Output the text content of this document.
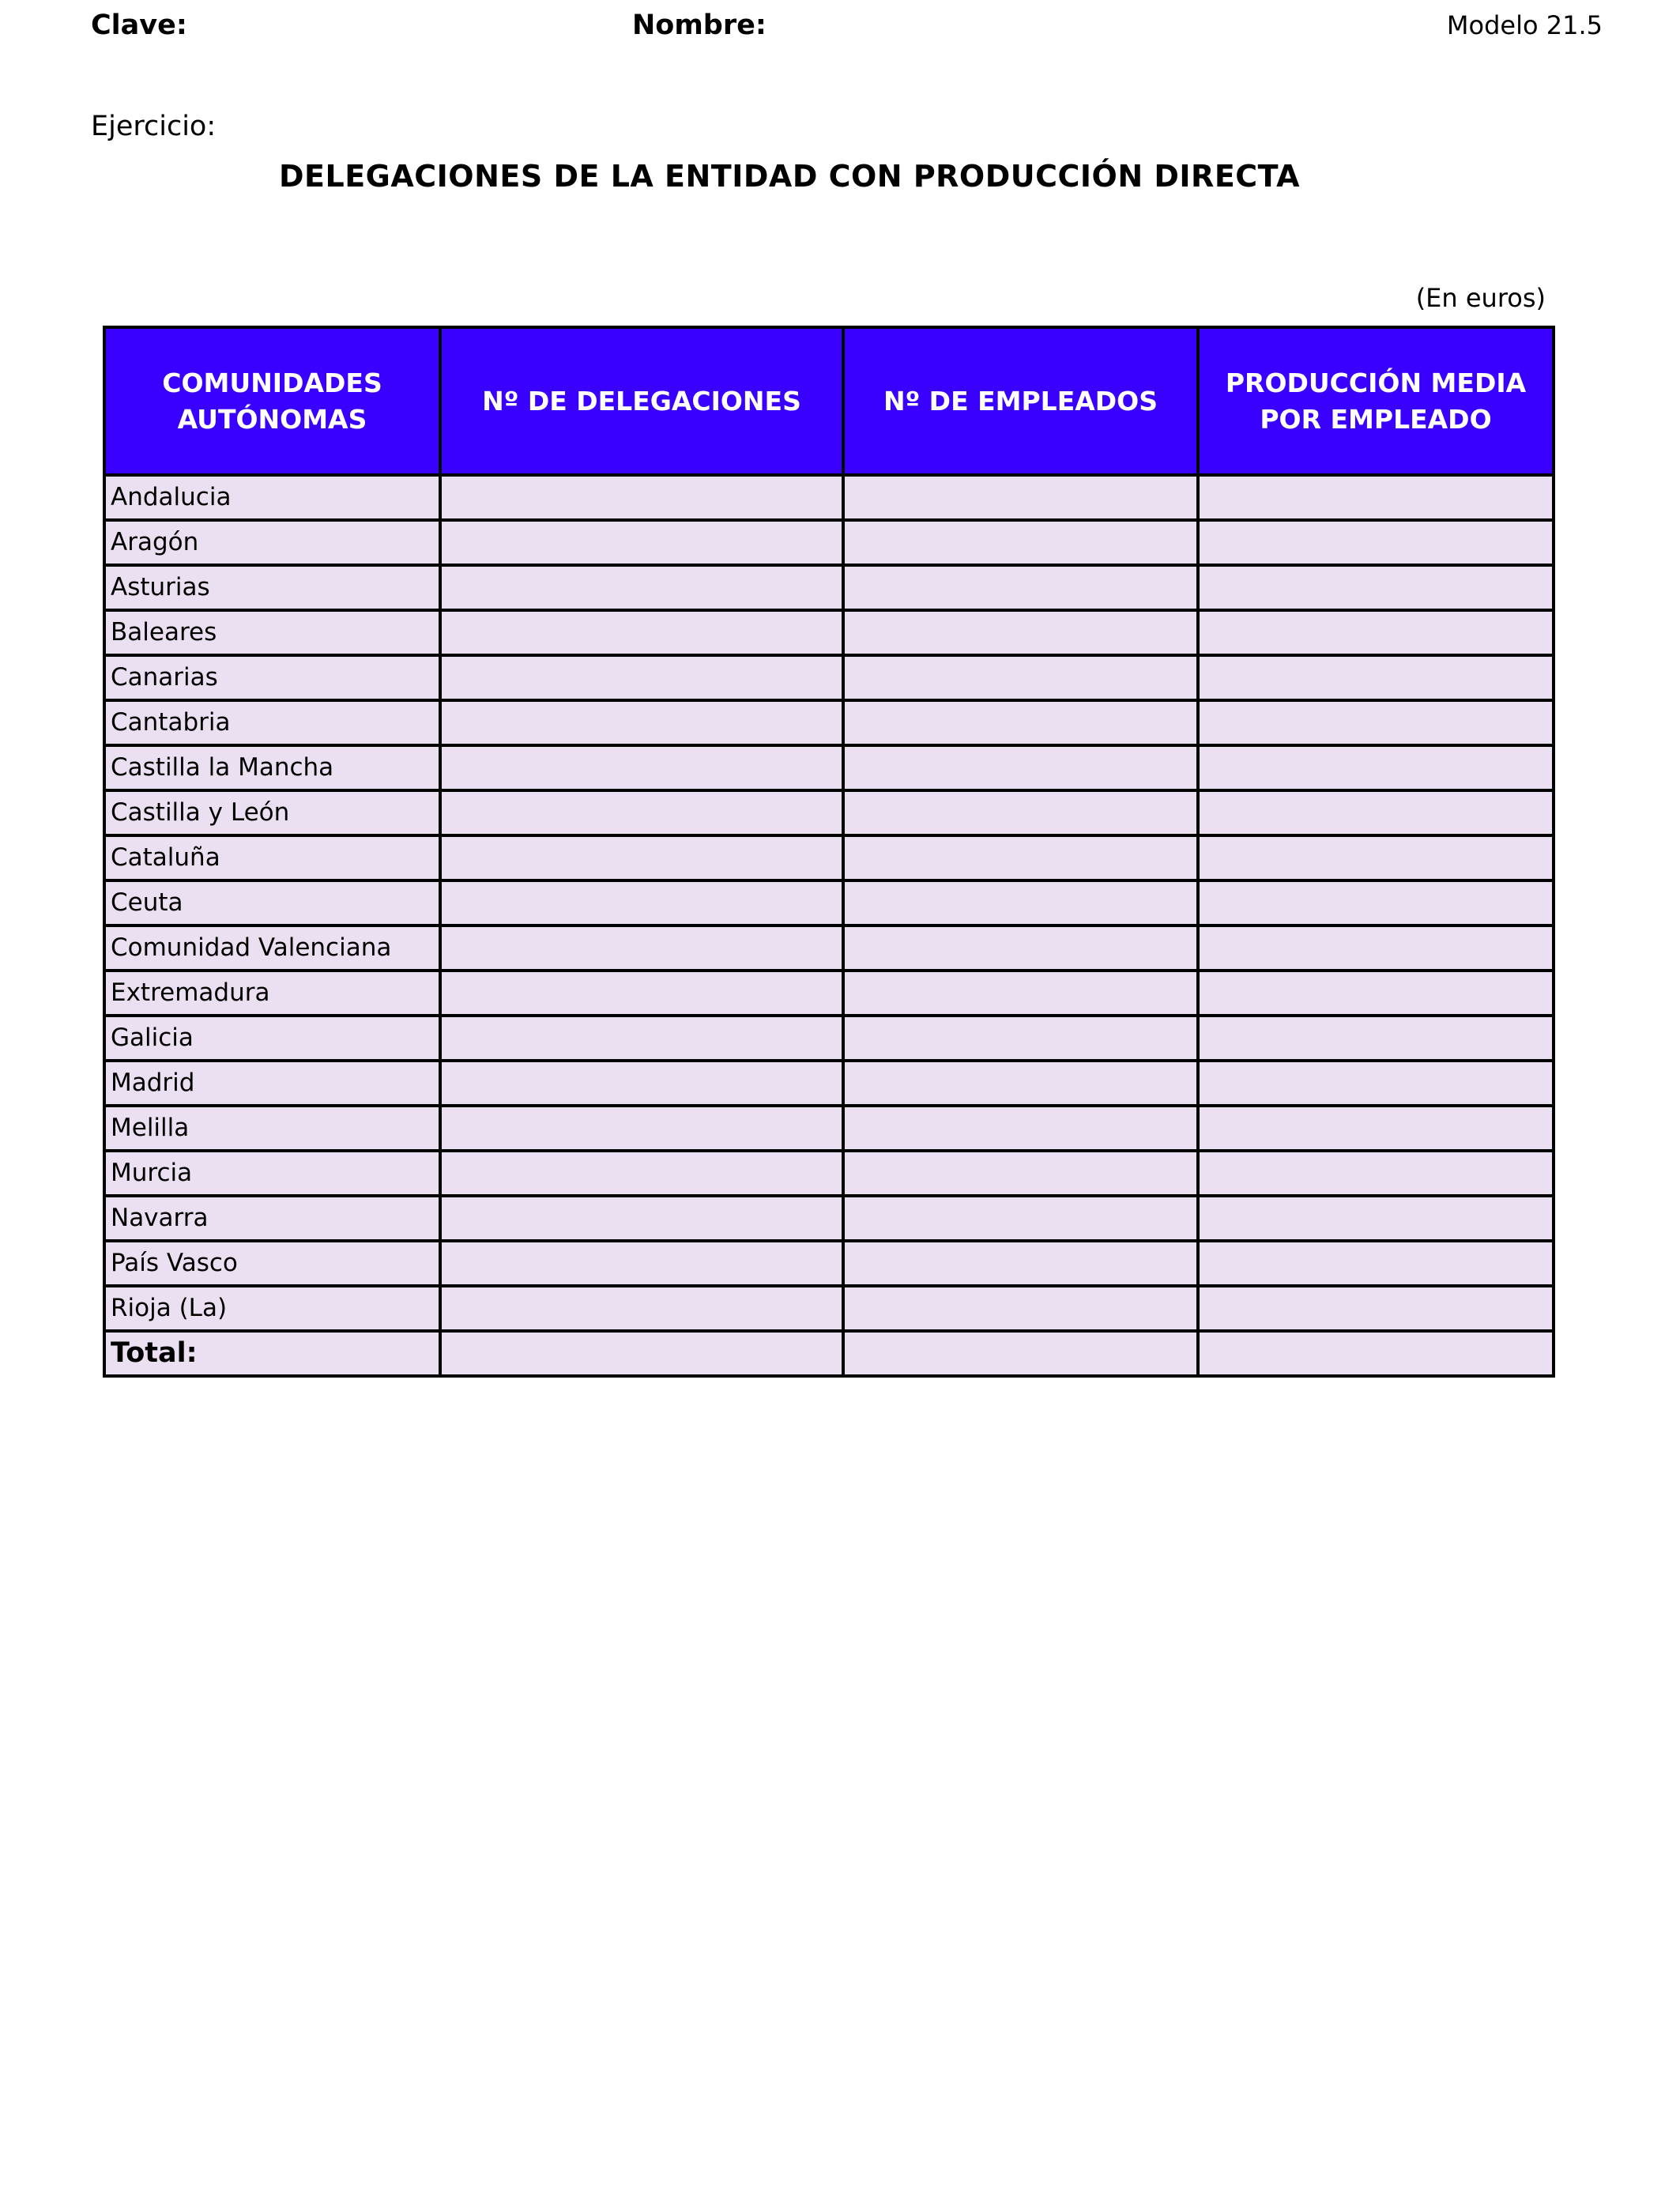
Clave:	Nombre:	Modelo 21.5
Ejercicio:
DELEGACIONES DE LA ENTIDAD CON PRODUCCIÓN DIRECTA
(En euros)
COMUNIDADES AUTÓNOMAS	Nº DE DELEGACIONES	Nº DE EMPLEADOS	PRODUCCIÓN MEDIA POR EMPLEADO

Andalucia			
Aragón			
Asturias			
Baleares			
Canarias			
Cantabria			
Castilla la Mancha			
Castilla y León			
Cataluña			
Ceuta			
Comunidad Valenciana			
Extremadura			
Galicia			
Madrid			
Melilla			
Murcia			
Navarra			
País Vasco			
Rioja (La)			
Total:			
